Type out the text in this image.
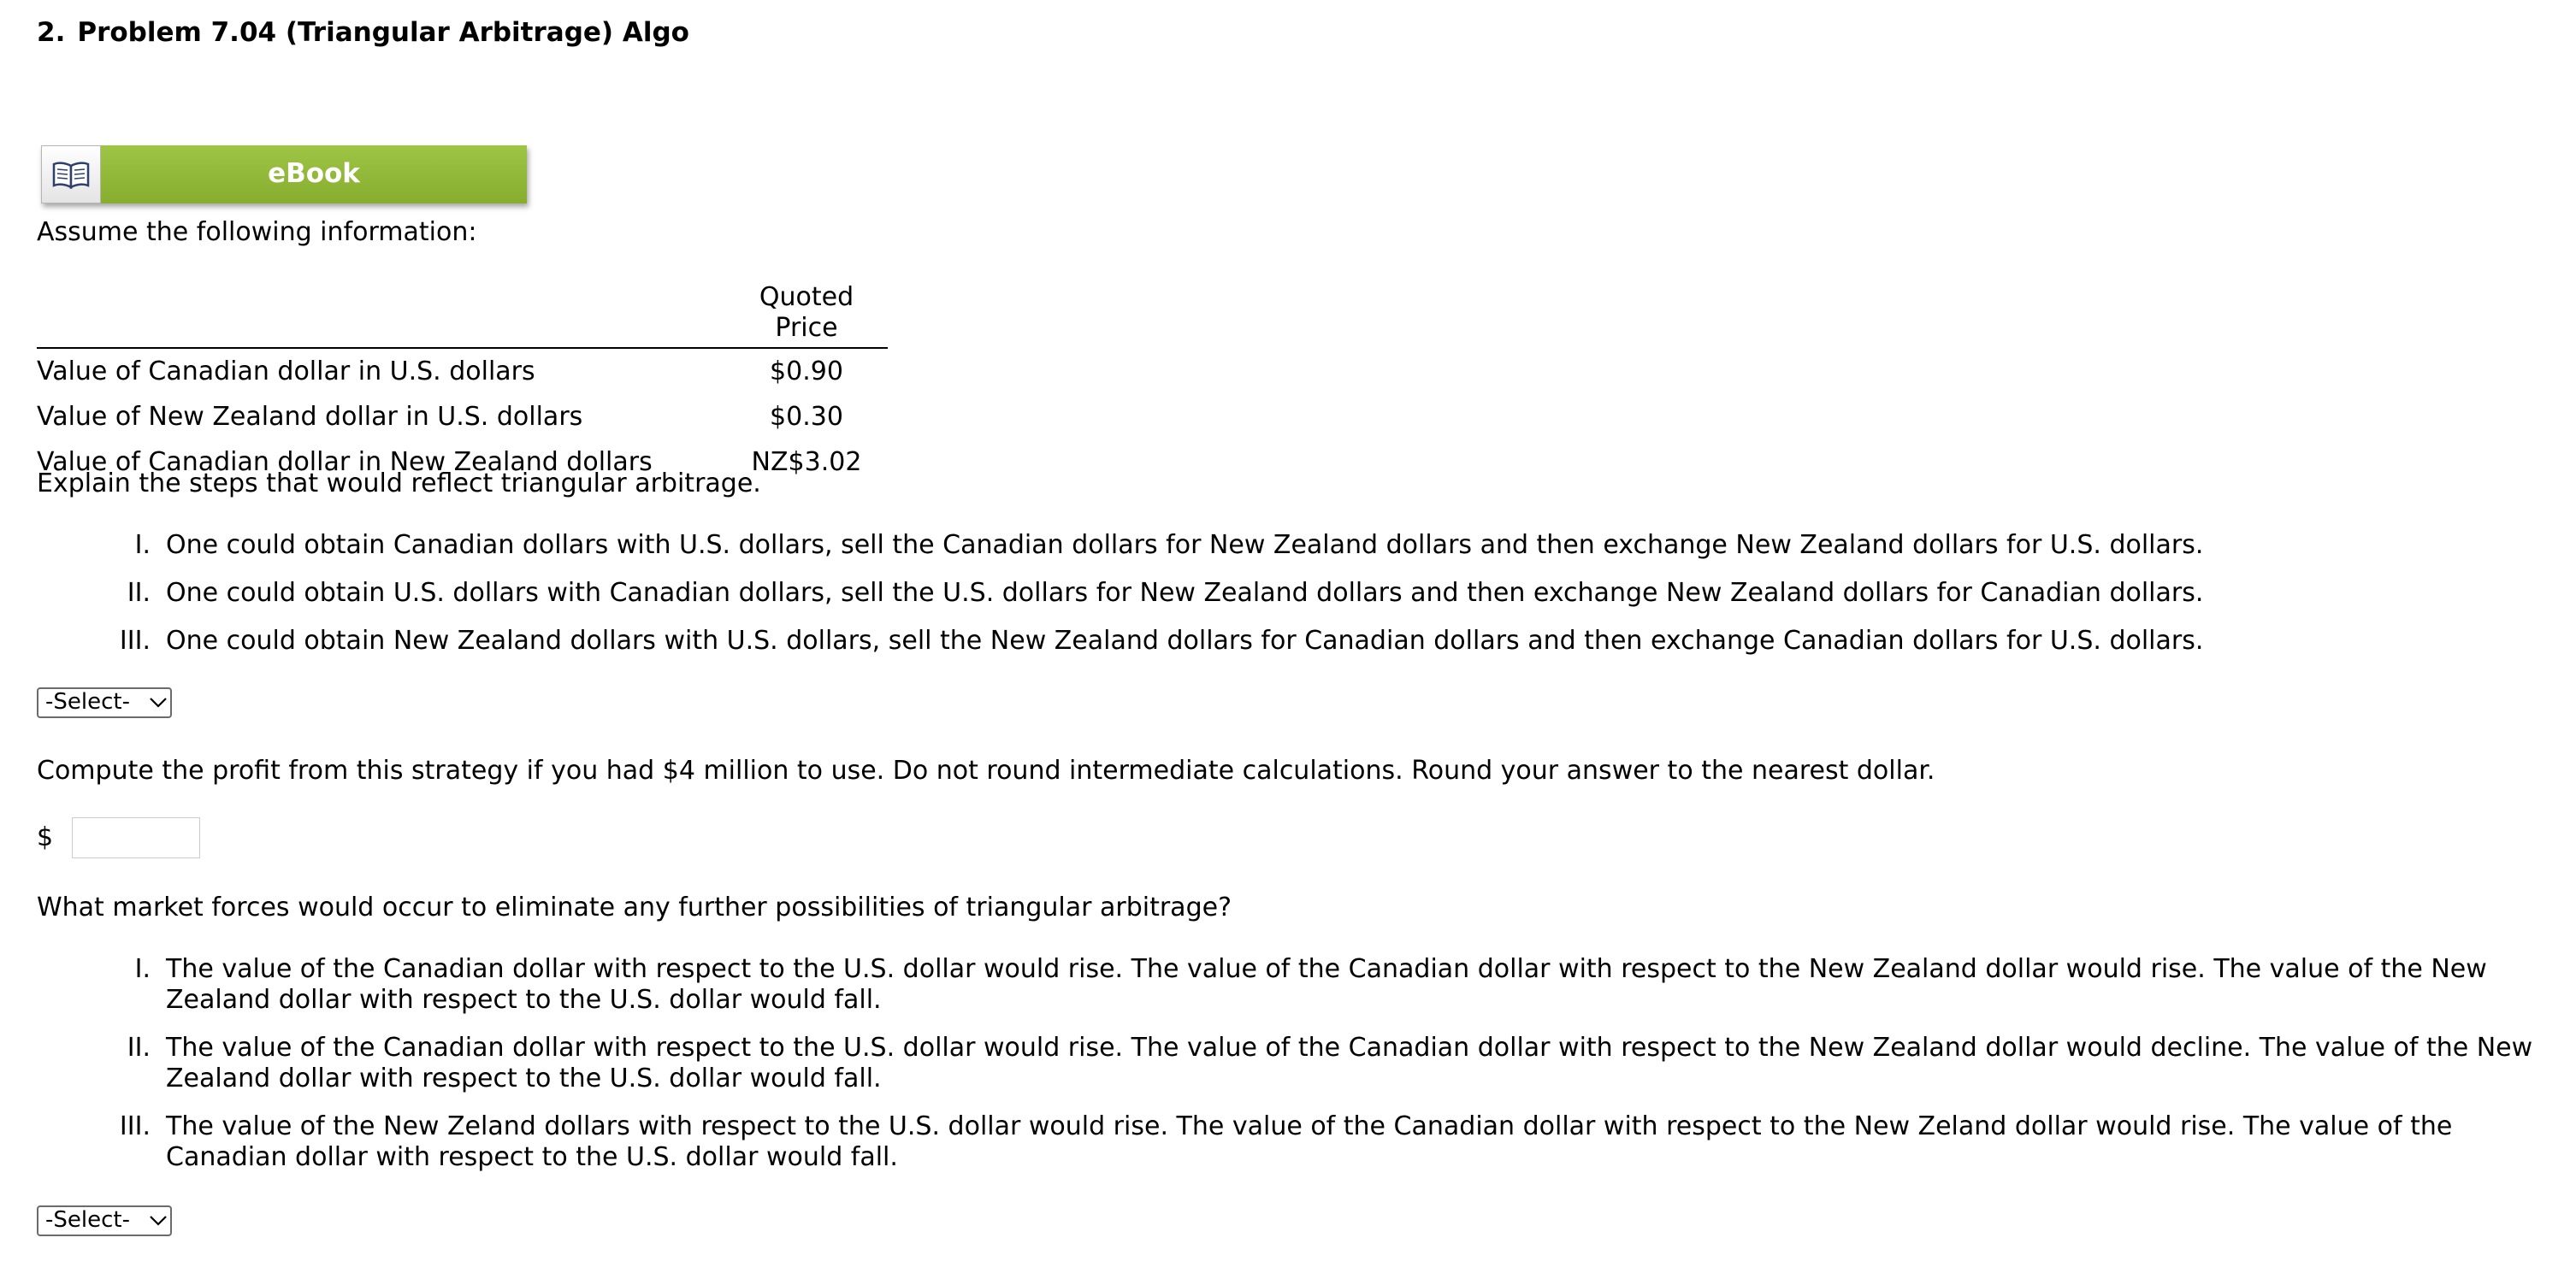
2. Problem 7.04 (Triangular Arbitrage) Algo
eBook
Assume the following information:
	Quoted Price
Value of Canadian dollar in U.S. dollars	$0.90
Value of New Zealand dollar in U.S. dollars	$0.30
Value of Canadian dollar in New Zealand dollars	NZ$3.02
Explain the steps that would reflect triangular arbitrage.
I. One could obtain Canadian dollars with U.S. dollars, sell the Canadian dollars for New Zealand dollars and then exchange New Zealand dollars for U.S. dollars.
II. One could obtain U.S. dollars with Canadian dollars, sell the U.S. dollars for New Zealand dollars and then exchange New Zealand dollars for Canadian dollars.
III. One could obtain New Zealand dollars with U.S. dollars, sell the New Zealand dollars for Canadian dollars and then exchange Canadian dollars for U.S. dollars.
-Select-
Compute the profit from this strategy if you had $4 million to use. Do not round intermediate calculations. Round your answer to the nearest dollar.
$
What market forces would occur to eliminate any further possibilities of triangular arbitrage?
I. The value of the Canadian dollar with respect to the U.S. dollar would rise. The value of the Canadian dollar with respect to the New Zealand dollar would rise. The value of the New Zealand dollar with respect to the U.S. dollar would fall.
II. The value of the Canadian dollar with respect to the U.S. dollar would rise. The value of the Canadian dollar with respect to the New Zealand dollar would decline. The value of the New Zealand dollar with respect to the U.S. dollar would fall.
III. The value of the New Zeland dollars with respect to the U.S. dollar would rise. The value of the Canadian dollar with respect to the New Zeland dollar would rise. The value of the Canadian dollar with respect to the U.S. dollar would fall.
-Select-
